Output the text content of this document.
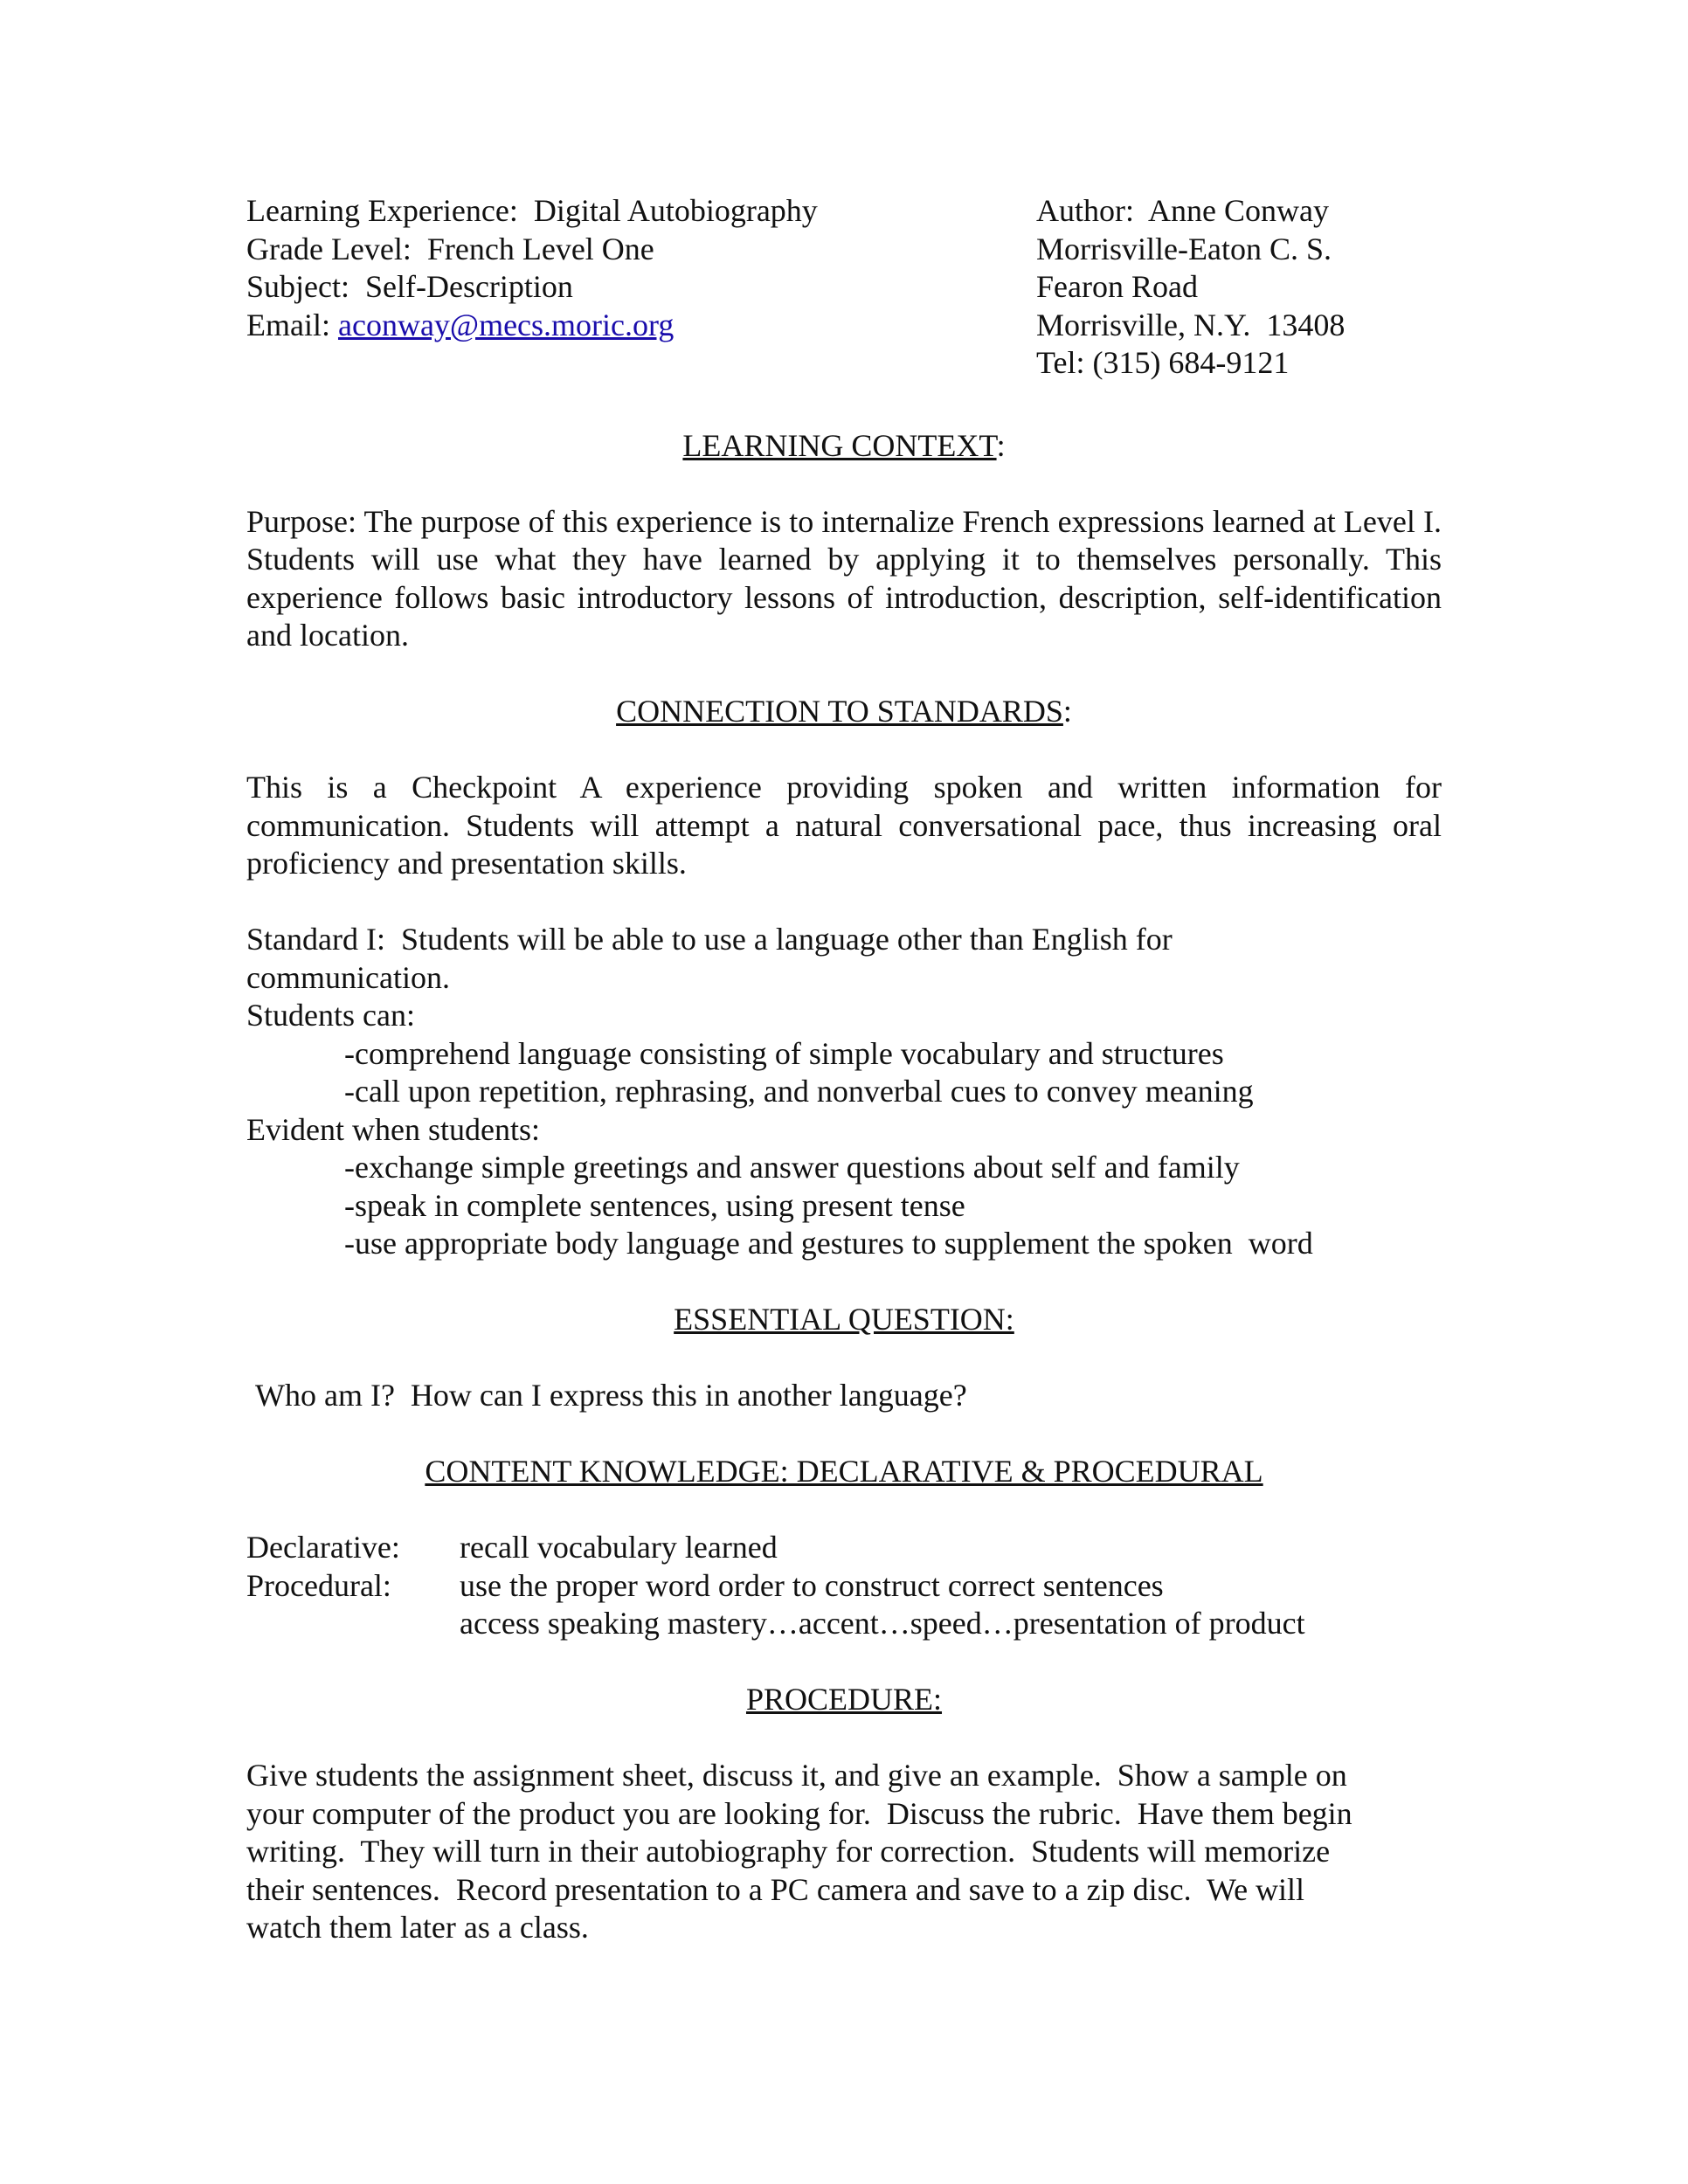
Learning Experience:  Digital Autobiography
Grade Level:  French Level One
Subject:  Self-Description
Email: aconway@mecs.moric.org
Author:  Anne Conway
Morrisville-Eaton C. S.
Fearon Road
Morrisville, N.Y.  13408
Tel: (315) 684-9121

LEARNING CONTEXT:

Purpose: The purpose of this experience is to internalize French expressions learned at Level I. Students will use what they have learned by applying it to themselves personally. This experience follows basic introductory lessons of introduction, description, self-identification and location.

CONNECTION TO STANDARDS:

This is a Checkpoint A experience providing spoken and written information for communication. Students will attempt a natural conversational pace, thus increasing oral proficiency and presentation skills.

Standard I:  Students will be able to use a language other than English for
communication.
Students can:
-comprehend language consisting of simple vocabulary and structures
-call upon repetition, rephrasing, and nonverbal cues to convey meaning
Evident when students:
-exchange simple greetings and answer questions about self and family
-speak in complete sentences, using present tense
-use appropriate body language and gestures to supplement the spoken  word

ESSENTIAL QUESTION:

Who am I?  How can I express this in another language?

CONTENT KNOWLEDGE: DECLARATIVE & PROCEDURAL

Declarative:	recall vocabulary learned
Procedural:	use the proper word order to construct correct sentences
access speaking mastery…accent…speed…presentation of product

PROCEDURE:

Give students the assignment sheet, discuss it, and give an example.  Show a sample on
your computer of the product you are looking for.  Discuss the rubric.  Have them begin
writing.  They will turn in their autobiography for correction.  Students will memorize
their sentences.  Record presentation to a PC camera and save to a zip disc.  We will
watch them later as a class.
